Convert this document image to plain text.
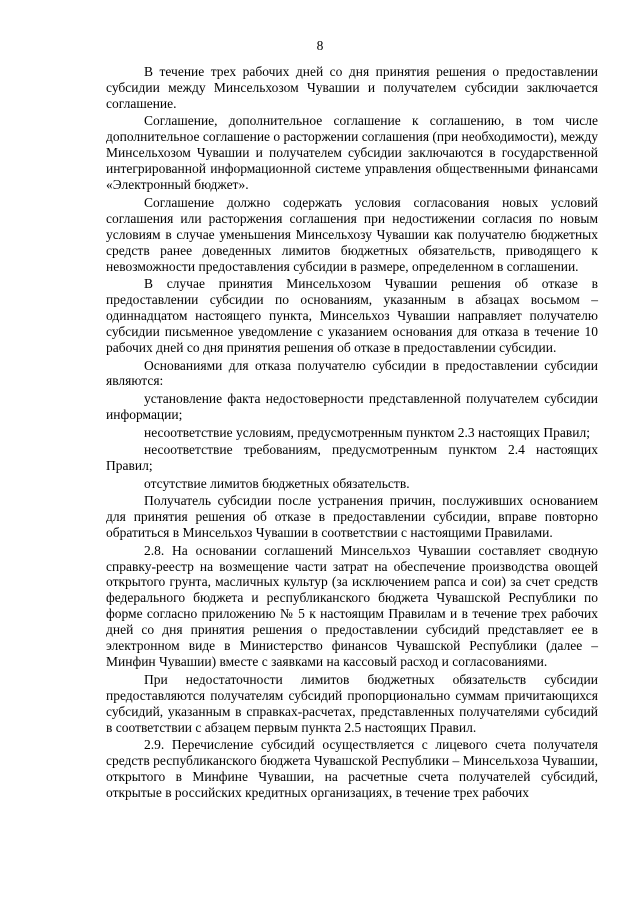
8

В течение трех рабочих дней со дня принятия решения о предоставлении субсидии между Минсельхозом Чувашии и получателем субсидии заключается соглашение.

Соглашение, дополнительное соглашение к соглашению, в том числе дополнительное соглашение о расторжении соглашения (при необходимости), между Минсельхозом Чувашии и получателем субсидии заключаются в государственной интегрированной информационной системе управления общественными финансами «Электронный бюджет».

Соглашение должно содержать условия согласования новых условий соглашения или расторжения соглашения при недостижении согласия по новым условиям в случае уменьшения Минсельхозу Чувашии как получателю бюджетных средств ранее доведенных лимитов бюджетных обязательств, приводящего к невозможности предоставления субсидии в размере, определенном в соглашении.

В случае принятия Минсельхозом Чувашии решения об отказе в предоставлении субсидии по основаниям, указанным в абзацах восьмом – одиннадцатом настоящего пункта, Минсельхоз Чувашии направляет получателю субсидии письменное уведомление с указанием основания для отказа в течение 10 рабочих дней со дня принятия решения об отказе в предоставлении субсидии.

Основаниями для отказа получателю субсидии в предоставлении субсидии являются:

установление факта недостоверности представленной получателем субсидии информации;

несоответствие условиям, предусмотренным пунктом 2.3 настоящих Правил;

несоответствие требованиям, предусмотренным пунктом 2.4 настоящих Правил;

отсутствие лимитов бюджетных обязательств.

Получатель субсидии после устранения причин, послуживших основанием для принятия решения об отказе в предоставлении субсидии, вправе повторно обратиться в Минсельхоз Чувашии в соответствии с настоящими Правилами.

2.8. На основании соглашений Минсельхоз Чувашии составляет сводную справку-реестр на возмещение части затрат на обеспечение производства овощей открытого грунта, масличных культур (за исключением рапса и сои) за счет средств федерального бюджета и республиканского бюджета Чувашской Республики по форме согласно приложению № 5 к настоящим Правилам и в течение трех рабочих дней со дня принятия решения о предоставлении субсидий представляет ее в электронном виде в Министерство финансов Чувашской Республики (далее – Минфин Чувашии) вместе с заявками на кассовый расход и согласованиями.

При недостаточности лимитов бюджетных обязательств субсидии предоставляются получателям субсидий пропорционально суммам причитающихся субсидий, указанным в справках-расчетах, представленных получателями субсидий в соответствии с абзацем первым пункта 2.5 настоящих Правил.

2.9. Перечисление субсидий осуществляется с лицевого счета получателя средств республиканского бюджета Чувашской Республики – Минсельхоза Чувашии, открытого в Минфине Чувашии, на расчетные счета получателей субсидий, открытые в российских кредитных организациях, в течение трех рабочих
